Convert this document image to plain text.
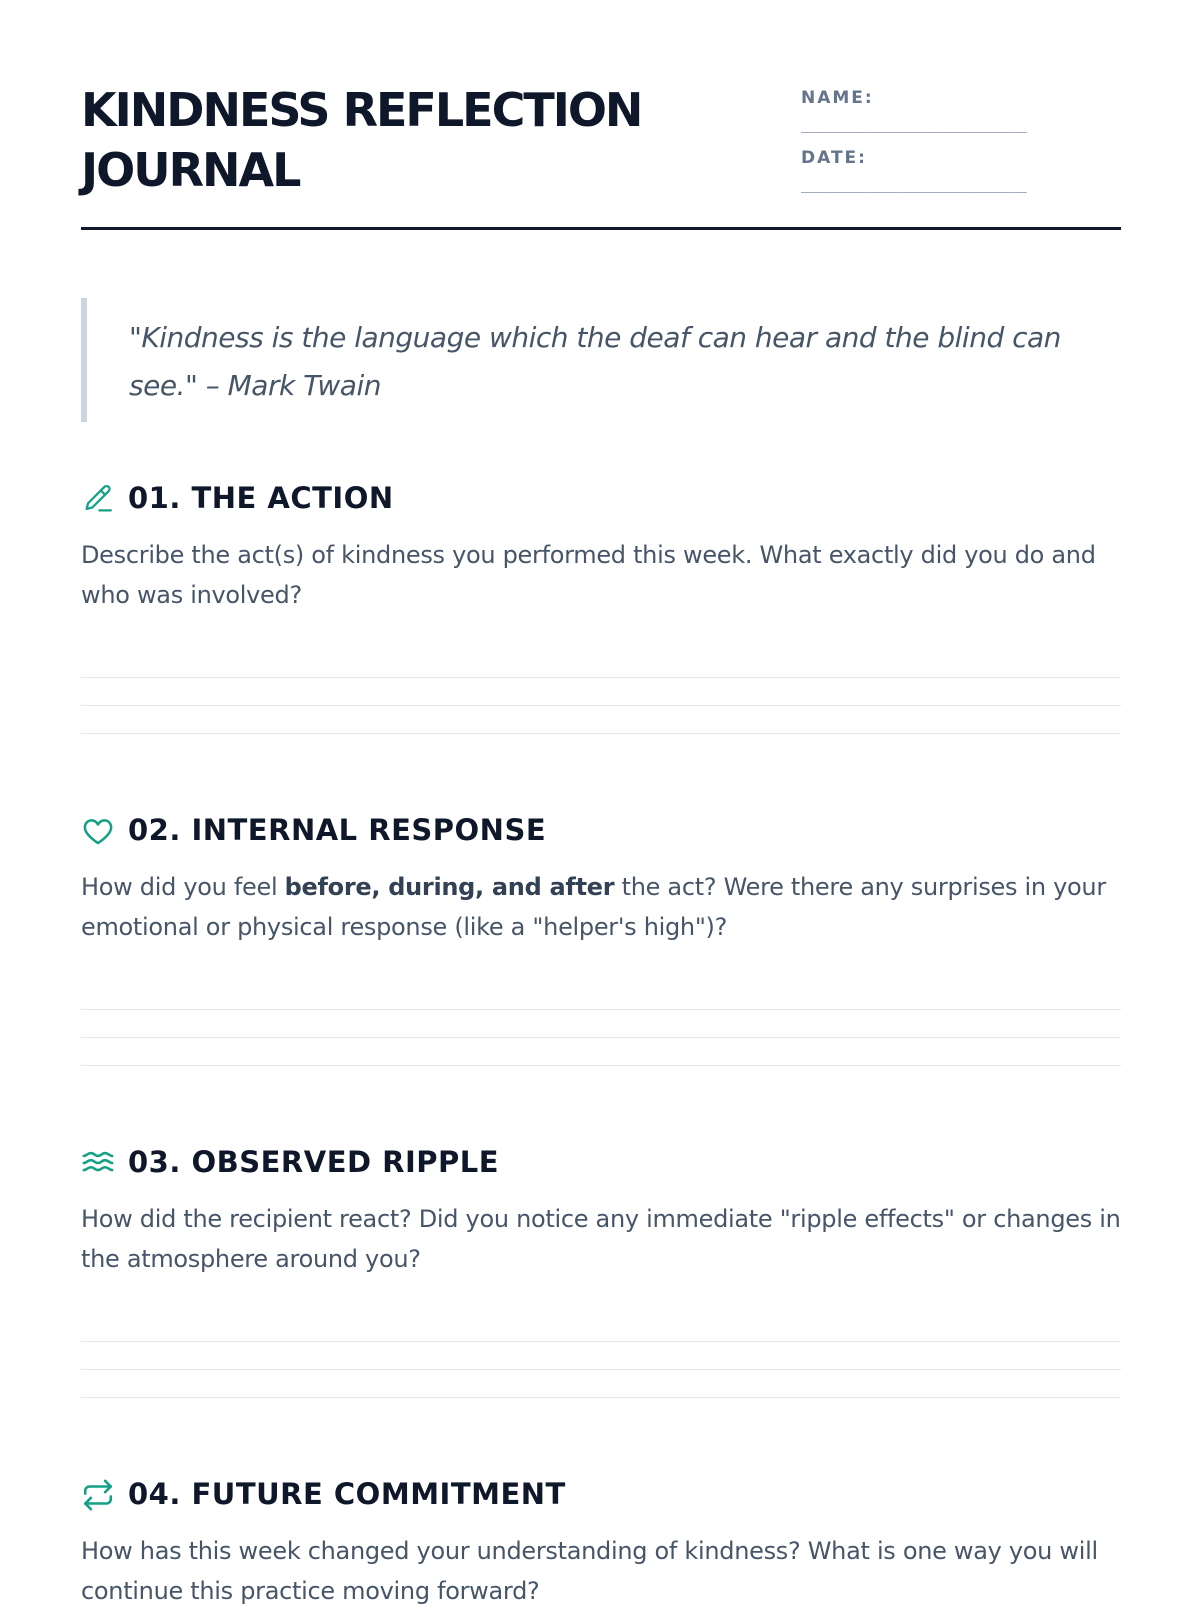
KINDNESS REFLECTION JOURNAL
NAME:
_________________________
DATE:
_________________________

"Kindness is the language which the deaf can hear and the blind can see." – Mark Twain

01. THE ACTION

Describe the act(s) of kindness you performed this week. What exactly did you do and who was involved?

02. INTERNAL RESPONSE

How did you feel before, during, and after the act? Were there any surprises in your emotional or physical response (like a "helper's high")?

03. OBSERVED RIPPLE

How did the recipient react? Did you notice any immediate "ripple effects" or changes in the atmosphere around you?

04. FUTURE COMMITMENT

How has this week changed your understanding of kindness? What is one way you will continue this practice moving forward?
